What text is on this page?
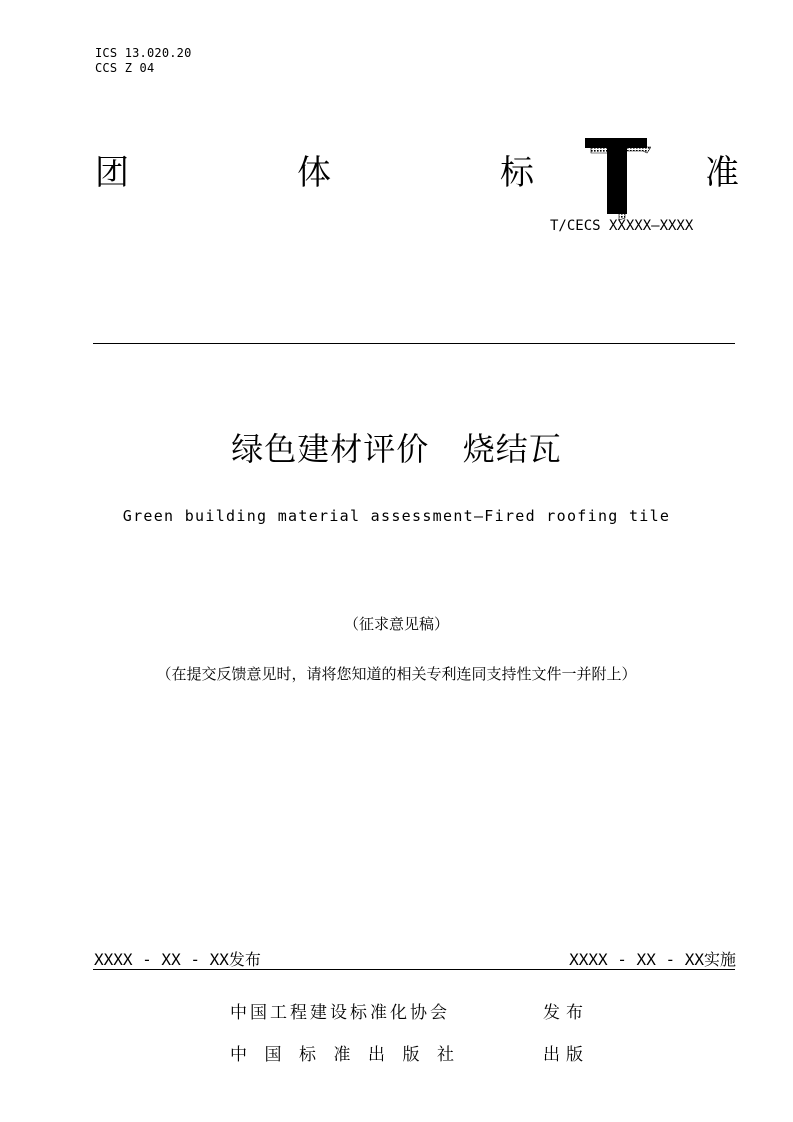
ICS 13.020.20
CCS Z 04
团	体	标	准
T/CECS XXXXX—XXXX
绿色建材评价   烧结瓦
Green building material assessment—Fired roofing tile
（征求意见稿）
（在提交反馈意见时，请将您知道的相关专利连同支持性文件一并附上）
XXXX - XX - XX发布	XXXX - XX - XX实施
中国工程建设标准化协会	发布
中国标准出版社	出版
